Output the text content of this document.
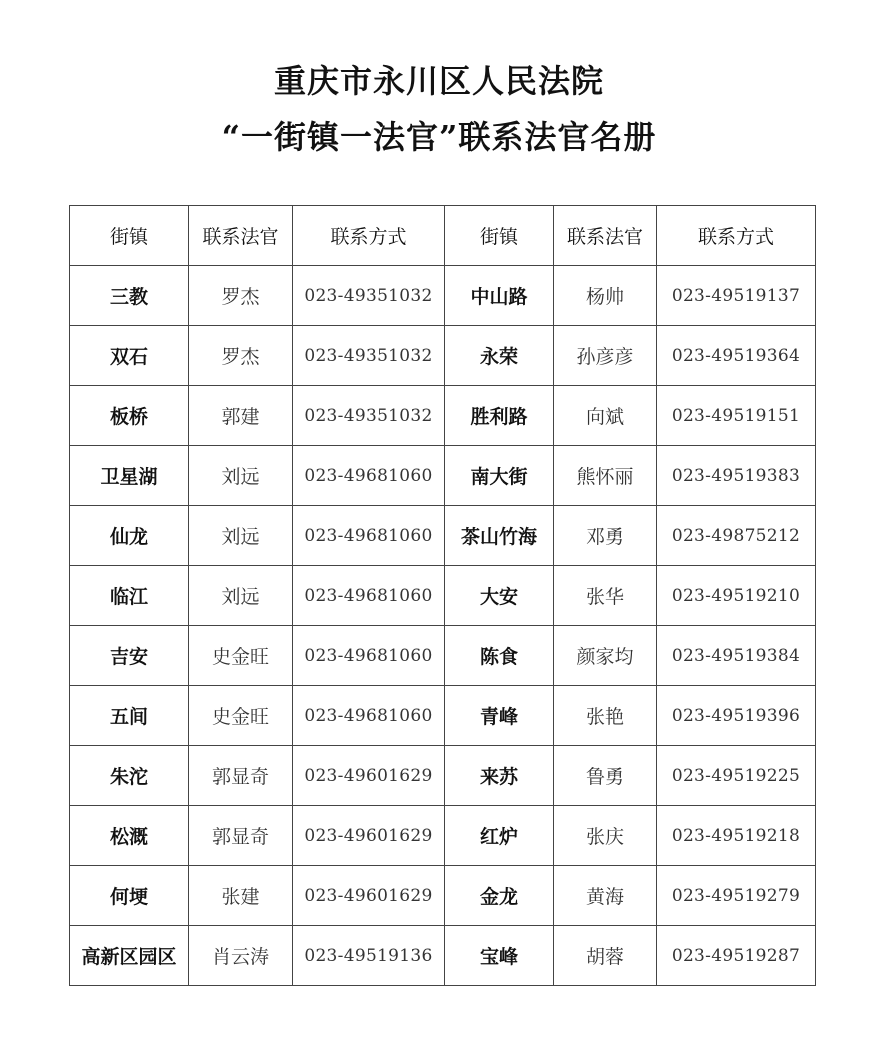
重庆市永川区人民法院
“一街镇一法官”联系法官名册
街镇	联系法官	联系方式	街镇	联系法官	联系方式
三教	罗杰	023-49351032	中山路	杨帅	023-49519137
双石	罗杰	023-49351032	永荣	孙彦彦	023-49519364
板桥	郭建	023-49351032	胜利路	向斌	023-49519151
卫星湖	刘远	023-49681060	南大街	熊怀丽	023-49519383
仙龙	刘远	023-49681060	茶山竹海	邓勇	023-49875212
临江	刘远	023-49681060	大安	张华	023-49519210
吉安	史金旺	023-49681060	陈食	颜家均	023-49519384
五间	史金旺	023-49681060	青峰	张艳	023-49519396
朱沱	郭显奇	023-49601629	来苏	鲁勇	023-49519225
松溉	郭显奇	023-49601629	红炉	张庆	023-49519218
何埂	张建	023-49601629	金龙	黄海	023-49519279
高新区园区	肖云涛	023-49519136	宝峰	胡蓉	023-49519287
